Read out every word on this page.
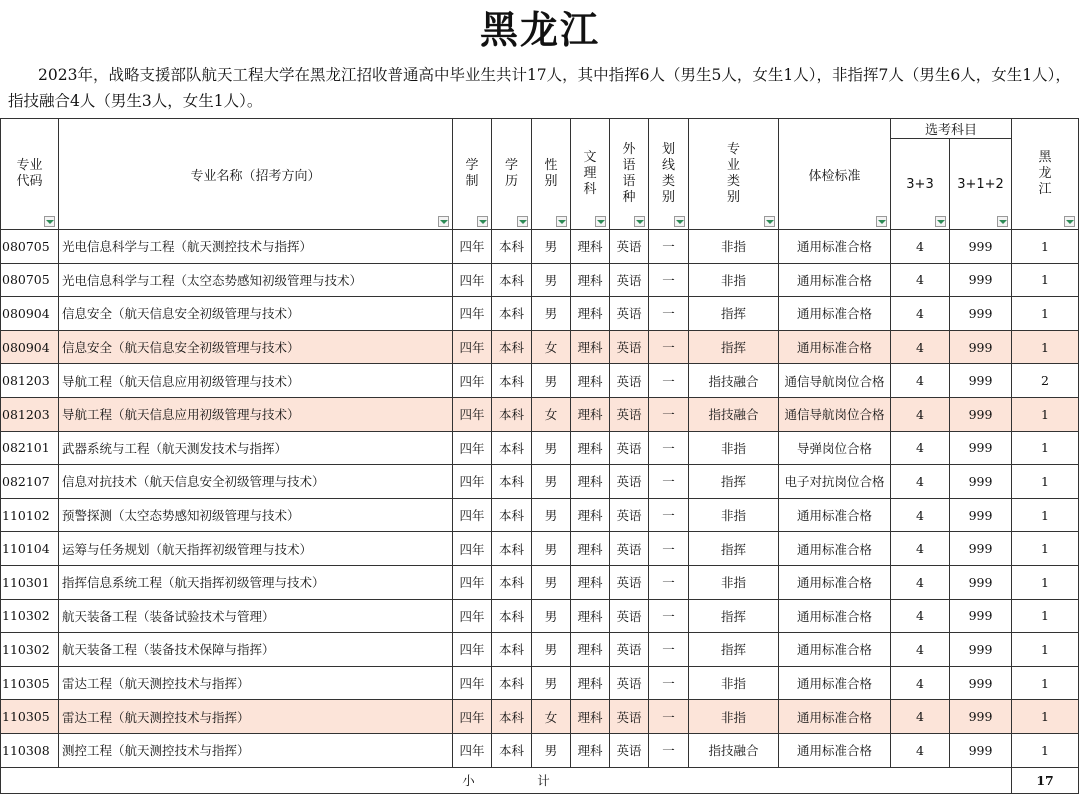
黑龙江
2023年，战略支援部队航天工程大学在黑龙江招收普通高中毕业生共计17人，其中指挥6人（男生5人，女生1人），非指挥7人（男生6人，女生1人），指技融合4人（男生3人，女生1人）。
专业代码	专业名称（招考方向）	学制	学历	性别	文理科	外语语种	划线类别	专业类别	体检标准	选考科目		黑龙江

										3+3	3+1+2	

080705	光电信息科学与工程（航天测控技术与指挥）	四年	本科	男	理科	英语	一	非指	通用标准合格	4	999	1
080705	光电信息科学与工程（太空态势感知初级管理与技术）	四年	本科	男	理科	英语	一	非指	通用标准合格	4	999	1
080904	信息安全（航天信息安全初级管理与技术）	四年	本科	男	理科	英语	一	指挥	通用标准合格	4	999	1
080904	信息安全（航天信息安全初级管理与技术）	四年	本科	女	理科	英语	一	指挥	通用标准合格	4	999	1
081203	导航工程（航天信息应用初级管理与技术）	四年	本科	男	理科	英语	一	指技融合	通信导航岗位合格	4	999	2
081203	导航工程（航天信息应用初级管理与技术）	四年	本科	女	理科	英语	一	指技融合	通信导航岗位合格	4	999	1
082101	武器系统与工程（航天测发技术与指挥）	四年	本科	男	理科	英语	一	非指	导弹岗位合格	4	999	1
082107	信息对抗技术（航天信息安全初级管理与技术）	四年	本科	男	理科	英语	一	指挥	电子对抗岗位合格	4	999	1
110102	预警探测（太空态势感知初级管理与技术）	四年	本科	男	理科	英语	一	非指	通用标准合格	4	999	1
110104	运筹与任务规划（航天指挥初级管理与技术）	四年	本科	男	理科	英语	一	指挥	通用标准合格	4	999	1
110301	指挥信息系统工程（航天指挥初级管理与技术）	四年	本科	男	理科	英语	一	非指	通用标准合格	4	999	1
110302	航天装备工程（装备试验技术与管理）	四年	本科	男	理科	英语	一	指挥	通用标准合格	4	999	1
110302	航天装备工程（装备技术保障与指挥）	四年	本科	男	理科	英语	一	指挥	通用标准合格	4	999	1
110305	雷达工程（航天测控技术与指挥）	四年	本科	男	理科	英语	一	非指	通用标准合格	4	999	1
110305	雷达工程（航天测控技术与指挥）	四年	本科	女	理科	英语	一	非指	通用标准合格	4	999	1
110308	测控工程（航天测控技术与指挥）	四年	本科	男	理科	英语	一	指技融合	通用标准合格	4	999	1
小　　　　　计												17
